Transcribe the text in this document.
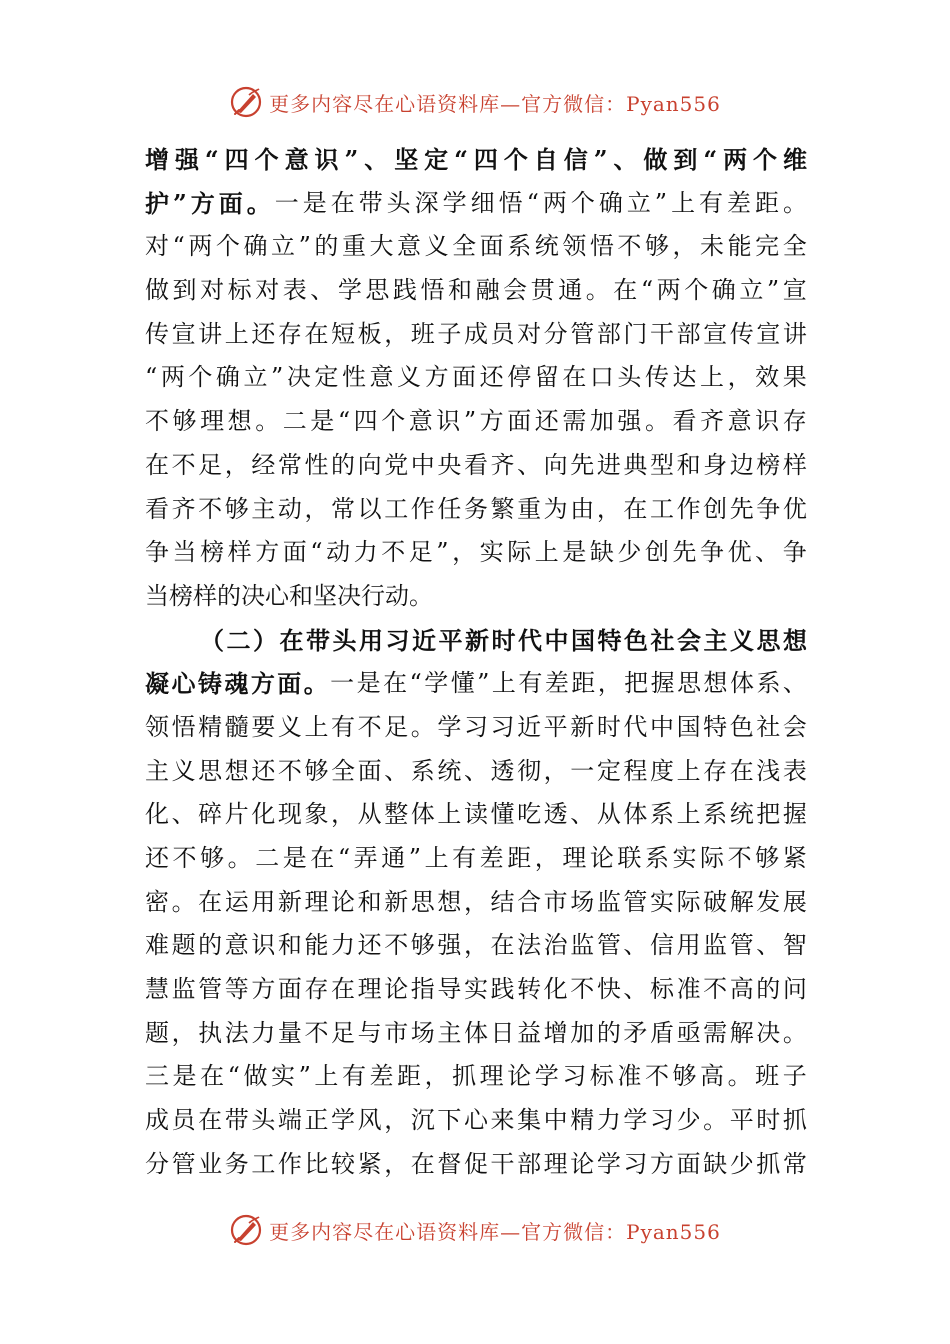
更多内容尽在心语资料库—官方微信：Pyan556
增 强 “ 四 个 意 识 ” 、 坚 定 “ 四 个 自 信 ” 、 做 到 “ 两 个 维
护 ” 方 面 。 一 是 在 带 头 深 学 细 悟 “ 两 个 确 立 ” 上 有 差 距 。
对 “ 两 个 确 立 ” 的 重 大 意 义 全 面 系 统 领 悟 不 够 ， 未 能 完 全
做 到 对 标 对 表 、 学 思 践 悟 和 融 会 贯 通 。 在 “ 两 个 确 立 ” 宣
传 宣 讲 上 还 存 在 短 板 ， 班 子 成 员 对 分 管 部 门 干 部 宣 传 宣 讲
“ 两 个 确 立 ” 决 定 性 意 义 方 面 还 停 留 在 口 头 传 达 上 ， 效 果
不 够 理 想 。 二 是 “ 四 个 意 识 ” 方 面 还 需 加 强 。 看 齐 意 识 存
在 不 足 ， 经 常 性 的 向 党 中 央 看 齐 、 向 先 进 典 型 和 身 边 榜 样
看 齐 不 够 主 动 ， 常 以 工 作 任 务 繁 重 为 由 ， 在 工 作 创 先 争 优
争 当 榜 样 方 面 “ 动 力 不 足 ” ， 实 际 上 是 缺 少 创 先 争 优 、 争
当 榜 样 的 决 心 和 坚 决 行 动 。
（ 二 ） 在 带 头 用 习 近 平 新 时 代 中 国 特 色 社 会 主 义 思 想
凝 心 铸 魂 方 面 。 一 是 在 “ 学 懂 ” 上 有 差 距 ， 把 握 思 想 体 系 、
领 悟 精 髓 要 义 上 有 不 足 。 学 习 习 近 平 新 时 代 中 国 特 色 社 会
主 义 思 想 还 不 够 全 面 、 系 统 、 透 彻 ， 一 定 程 度 上 存 在 浅 表
化 、 碎 片 化 现 象 ， 从 整 体 上 读 懂 吃 透 、 从 体 系 上 系 统 把 握
还 不 够 。 二 是 在 “ 弄 通 ” 上 有 差 距 ， 理 论 联 系 实 际 不 够 紧
密 。 在 运 用 新 理 论 和 新 思 想 ， 结 合 市 场 监 管 实 际 破 解 发 展
难 题 的 意 识 和 能 力 还 不 够 强 ， 在 法 治 监 管 、 信 用 监 管 、 智
慧 监 管 等 方 面 存 在 理 论 指 导 实 践 转 化 不 快 、 标 准 不 高 的 问
题 ， 执 法 力 量 不 足 与 市 场 主 体 日 益 增 加 的 矛 盾 亟 需 解 决 。
三 是 在 “ 做 实 ” 上 有 差 距 ， 抓 理 论 学 习 标 准 不 够 高 。 班 子
成 员 在 带 头 端 正 学 风 ， 沉 下 心 来 集 中 精 力 学 习 少 。 平 时 抓
分 管 业 务 工 作 比 较 紧 ， 在 督 促 干 部 理 论 学 习 方 面 缺 少 抓 常
更多内容尽在心语资料库—官方微信：Pyan556
